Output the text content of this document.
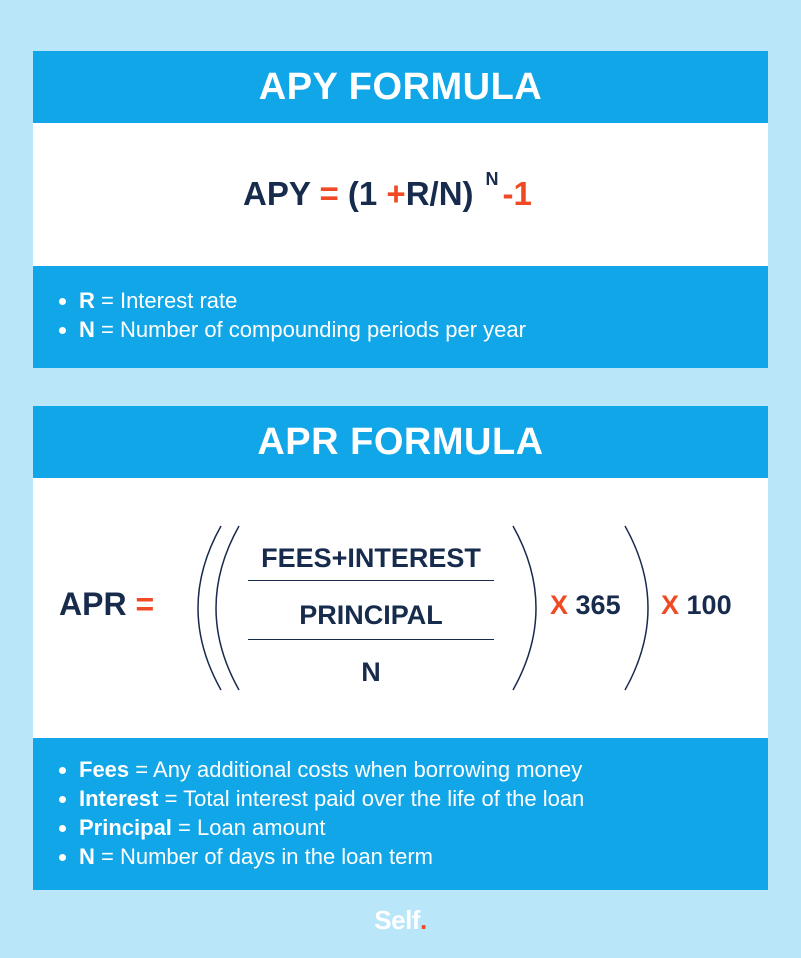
APY FORMULA
APY = (1 +R/N) $^N$ -1
R = Interest rate
N = Number of compounding periods per year
APR FORMULA
APR =
FEES+INTEREST
PRINCIPAL
N
X 365 X 100
Fees = Any additional costs when borrowing money
Interest = Total interest paid over the life of the loan
Principal = Loan amount
N = Number of days in the loan term
Self.
